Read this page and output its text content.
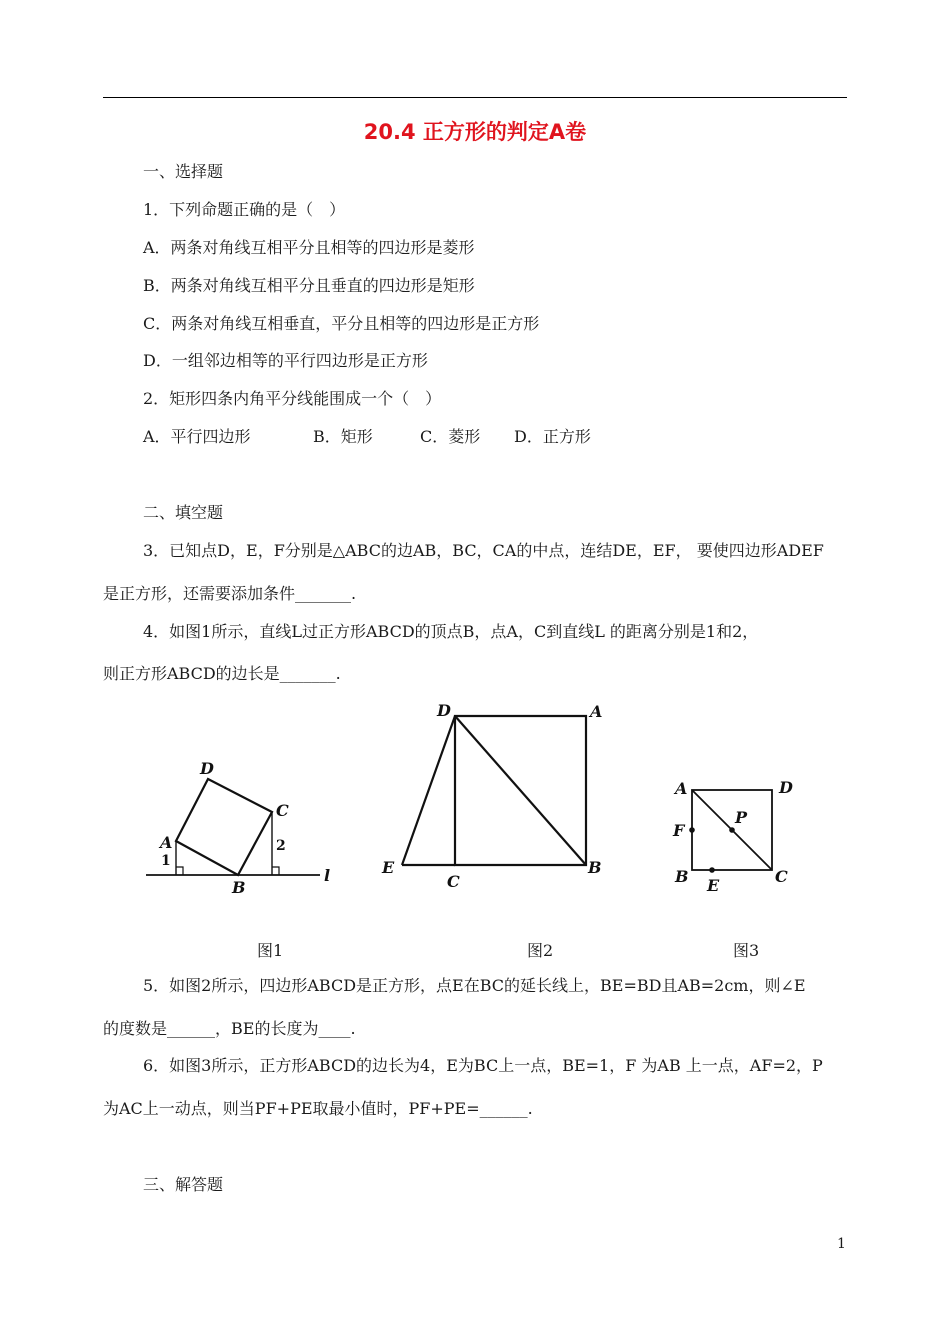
20.4 正方形的判定A卷
一、选择题
1．下列命题正确的是（　）
A．两条对角线互相平分且相等的四边形是菱形
B．两条对角线互相平分且垂直的四边形是矩形
C．两条对角线互相垂直，平分且相等的四边形是正方形
D．一组邻边相等的平行四边形是正方形
2．矩形四条内角平分线能围成一个（　）
A．平行四边形	B．矩形	C．菱形 D．正方形
二、填空题
3．已知点D，E，F分别是△ABC的边AB，BC，CA的中点，连结DE，EF， 要使四边形ADEF
是正方形，还需要添加条件_______.
4．如图1所示，直线L过正方形ABCD的顶点B，点A，C到直线L 的距离分别是1和2，
则正方形ABCD的边长是_______.
D
C
A
B
l
1
2
D	A
E
C
B
A	D
F
P
B E	C
图1	图2	图3
5．如图2所示，四边形ABCD是正方形，点E在BC的延长线上，BE=BD且AB=2cm，则∠E
的度数是______，BE的长度为____.
6．如图3所示，正方形ABCD的边长为4，E为BC上一点，BE=1，F 为AB 上一点，AF=2，P
为AC上一动点，则当PF+PE取最小值时，PF+PE=______.
三、解答题
1
